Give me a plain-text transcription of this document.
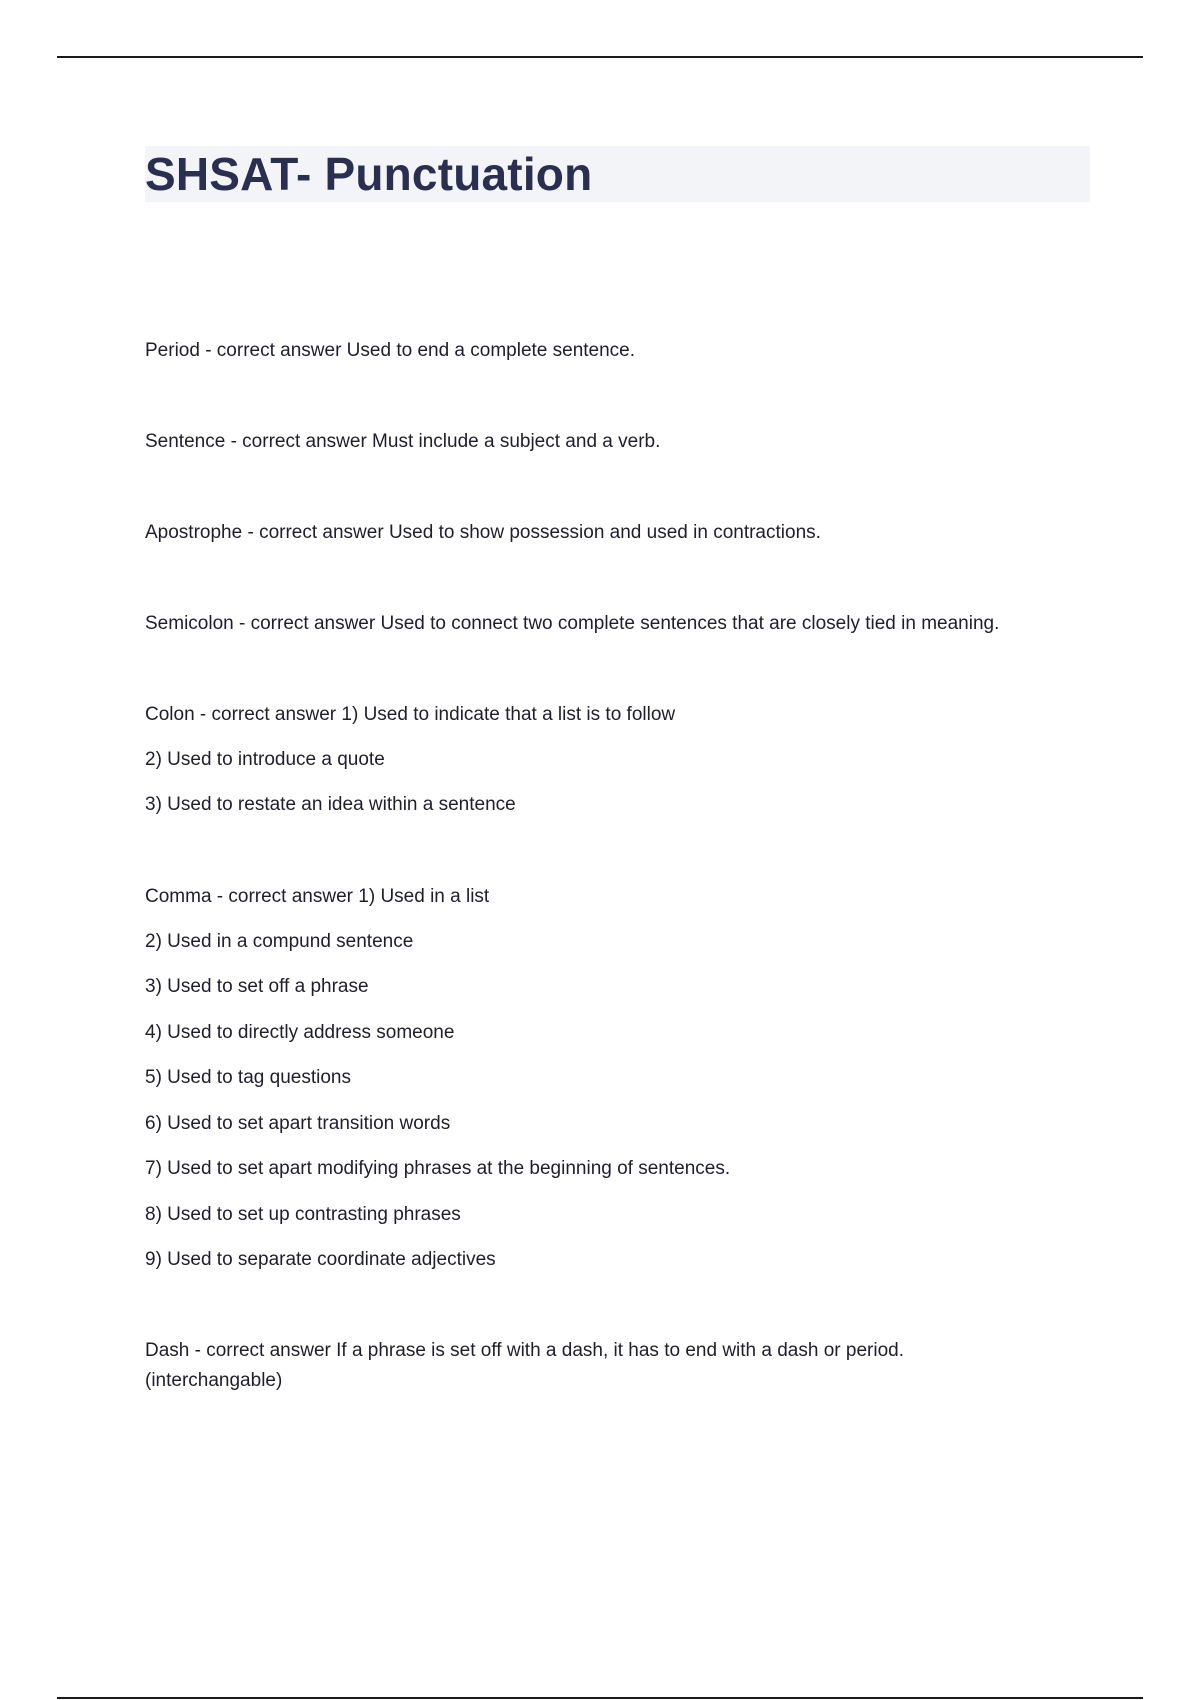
SHSAT- Punctuation
Period - correct answer Used to end a complete sentence.
Sentence - correct answer Must include a subject and a verb.
Apostrophe - correct answer Used to show possession and used in contractions.
Semicolon - correct answer Used to connect two complete sentences that are closely tied in meaning.
Colon - correct answer 1) Used to indicate that a list is to follow
2) Used to introduce a quote
3) Used to restate an idea within a sentence
Comma - correct answer 1) Used in a list
2) Used in a compund sentence
3) Used to set off a phrase
4) Used to directly address someone
5) Used to tag questions
6) Used to set apart transition words
7) Used to set apart modifying phrases at the beginning of sentences.
8) Used to set up contrasting phrases
9) Used to separate coordinate adjectives
Dash - correct answer If a phrase is set off with a dash, it has to end with a dash or period. (interchangable)
